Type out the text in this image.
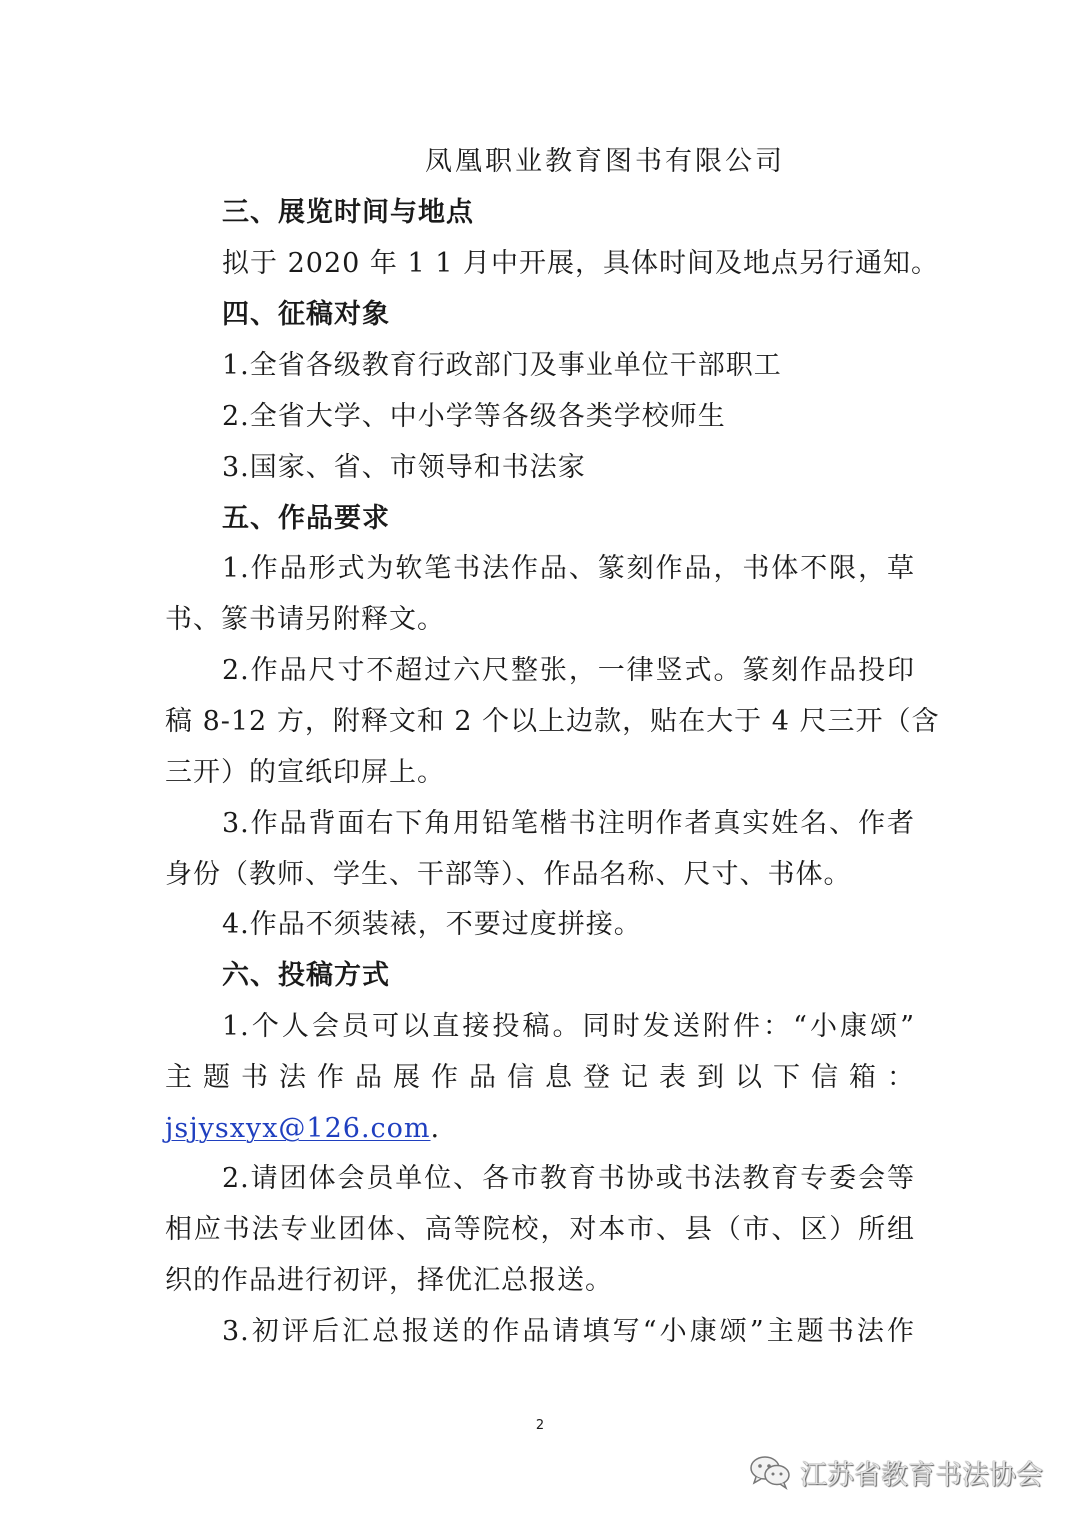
凤凰职业教育图书有限公司
三、展览时间与地点
拟于 2020 年 1 1 月中开展，具体时间及地点另行通知。
四、征稿对象
1.全省各级教育行政部门及事业单位干部职工
2.全省大学、中小学等各级各类学校师生
3.国家、省、市领导和书法家
五、作品要求
1.作品形式为软笔书法作品、篆刻作品，书体不限，草
书、篆书请另附释文。
2.作品尺寸不超过六尺整张，一律竖式。篆刻作品投印
稿 8-12 方，附释文和 2 个以上边款，贴在大于 4 尺三开（含
三开）的宣纸印屏上。
3.作品背面右下角用铅笔楷书注明作者真实姓名、作者
身份（教师、学生、干部等）、作品名称、尺寸、书体。
4.作品不须装裱，不要过度拼接。
六、投稿方式
1.个人会员可以直接投稿。同时发送附件：“小康颂”
主题书法作品展作品信息登记表到以下信箱：
jsjysxyx@126.com.
2.请团体会员单位、各市教育书协或书法教育专委会等
相应书法专业团体、高等院校，对本市、县（市、区）所组
织的作品进行初评，择优汇总报送。
3.初评后汇总报送的作品请填写“小康颂”主题书法作
2
江苏省教育书法协会
